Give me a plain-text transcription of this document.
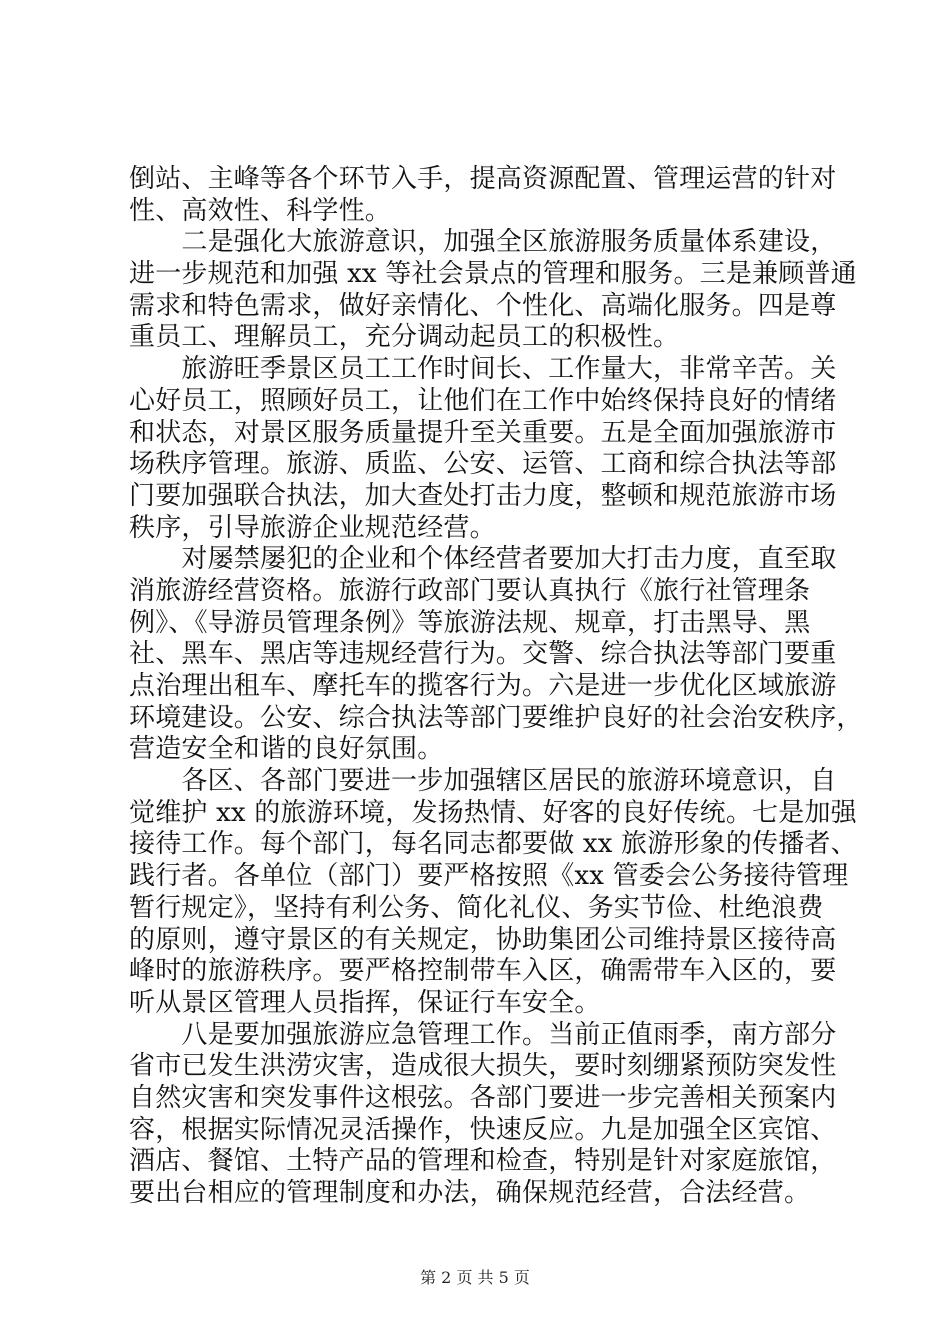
倒站、主峰等各个环节入手，提高资源配置、管理运营的针对
性、高效性、科学性。
　　二是强化大旅游意识，加强全区旅游服务质量体系建设，
进一步规范和加强 xx 等社会景点的管理和服务。三是兼顾普通
需求和特色需求，做好亲情化、个性化、高端化服务。四是尊
重员工、理解员工，充分调动起员工的积极性。
　　旅游旺季景区员工工作时间长、工作量大，非常辛苦。关
心好员工，照顾好员工，让他们在工作中始终保持良好的情绪
和状态，对景区服务质量提升至关重要。五是全面加强旅游市
场秩序管理。旅游、质监、公安、运管、工商和综合执法等部
门要加强联合执法，加大查处打击力度，整顿和规范旅游市场
秩序，引导旅游企业规范经营。
　　对屡禁屡犯的企业和个体经营者要加大打击力度，直至取
消旅游经营资格。旅游行政部门要认真执行《旅行社管理条
例》、《导游员管理条例》等旅游法规、规章，打击黑导、黑
社、黑车、黑店等违规经营行为。交警、综合执法等部门要重
点治理出租车、摩托车的揽客行为。六是进一步优化区域旅游
环境建设。公安、综合执法等部门要维护良好的社会治安秩序，
营造安全和谐的良好氛围。
　　各区、各部门要进一步加强辖区居民的旅游环境意识，自
觉维护 xx 的旅游环境，发扬热情、好客的良好传统。七是加强
接待工作。每个部门，每名同志都要做 xx 旅游形象的传播者、
践行者。各单位（部门）要严格按照《xx 管委会公务接待管理
暂行规定》，坚持有利公务、简化礼仪、务实节俭、杜绝浪费
的原则，遵守景区的有关规定，协助集团公司维持景区接待高
峰时的旅游秩序。要严格控制带车入区，确需带车入区的，要
听从景区管理人员指挥，保证行车安全。
　　八是要加强旅游应急管理工作。当前正值雨季，南方部分
省市已发生洪涝灾害，造成很大损失，要时刻绷紧预防突发性
自然灾害和突发事件这根弦。各部门要进一步完善相关预案内
容，根据实际情况灵活操作，快速反应。九是加强全区宾馆、
酒店、餐馆、土特产品的管理和检查，特别是针对家庭旅馆，
要出台相应的管理制度和办法，确保规范经营，合法经营。
第 2 页 共 5 页
